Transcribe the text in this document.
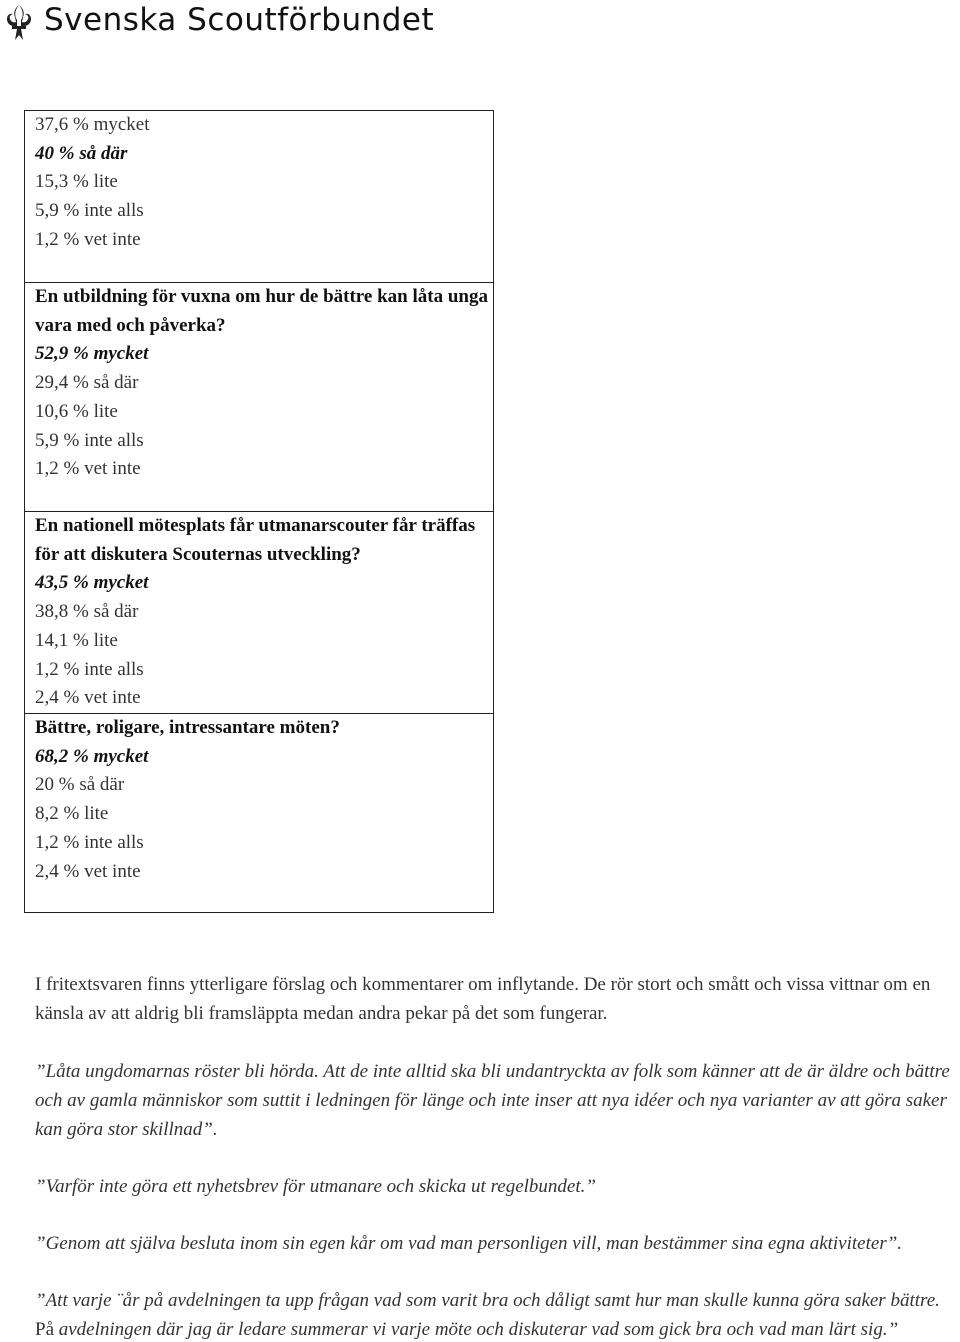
Svenska Scoutförbundet
37,6 % mycket
40 % så där
15,3 % lite
5,9 % inte alls
1,2 % vet inte
En utbildning för vuxna om hur de bättre kan låta unga vara med och påverka?
52,9 % mycket
29,4 % så där
10,6 % lite
5,9 % inte alls
1,2 % vet inte
En nationell mötesplats får utmanarscouter får träffas för att diskutera Scouternas utveckling?
43,5 % mycket
38,8 % så där
14,1 % lite
1,2 % inte alls
2,4 % vet inte
Bättre, roligare, intressantare möten?
68,2 % mycket
20 % så där
8,2 % lite
1,2 % inte alls
2,4 % vet inte
I fritextsvaren finns ytterligare förslag och kommentarer om inflytande. De rör stort och smått och vissa vittnar om en känsla av att aldrig bli framsläppta medan andra pekar på det som fungerar.
”Låta ungdomarnas röster bli hörda. Att de inte alltid ska bli undantryckta av folk som känner att de är äldre och bättre och av gamla människor som suttit i ledningen för länge och inte inser att nya idéer och nya varianter av att göra saker kan göra stor skillnad”.
”Varför inte göra ett nyhetsbrev för utmanare och skicka ut regelbundet.”
”Genom att själva besluta inom sin egen kår om vad man personligen vill, man bestämmer sina egna aktiviteter”.
”Att varje ¨år på avdelningen ta upp frågan vad som varit bra och dåligt samt hur man skulle kunna göra saker bättre. På avdelningen där jag är ledare summerar vi varje möte och diskuterar vad som gick bra och vad man lärt sig.”
